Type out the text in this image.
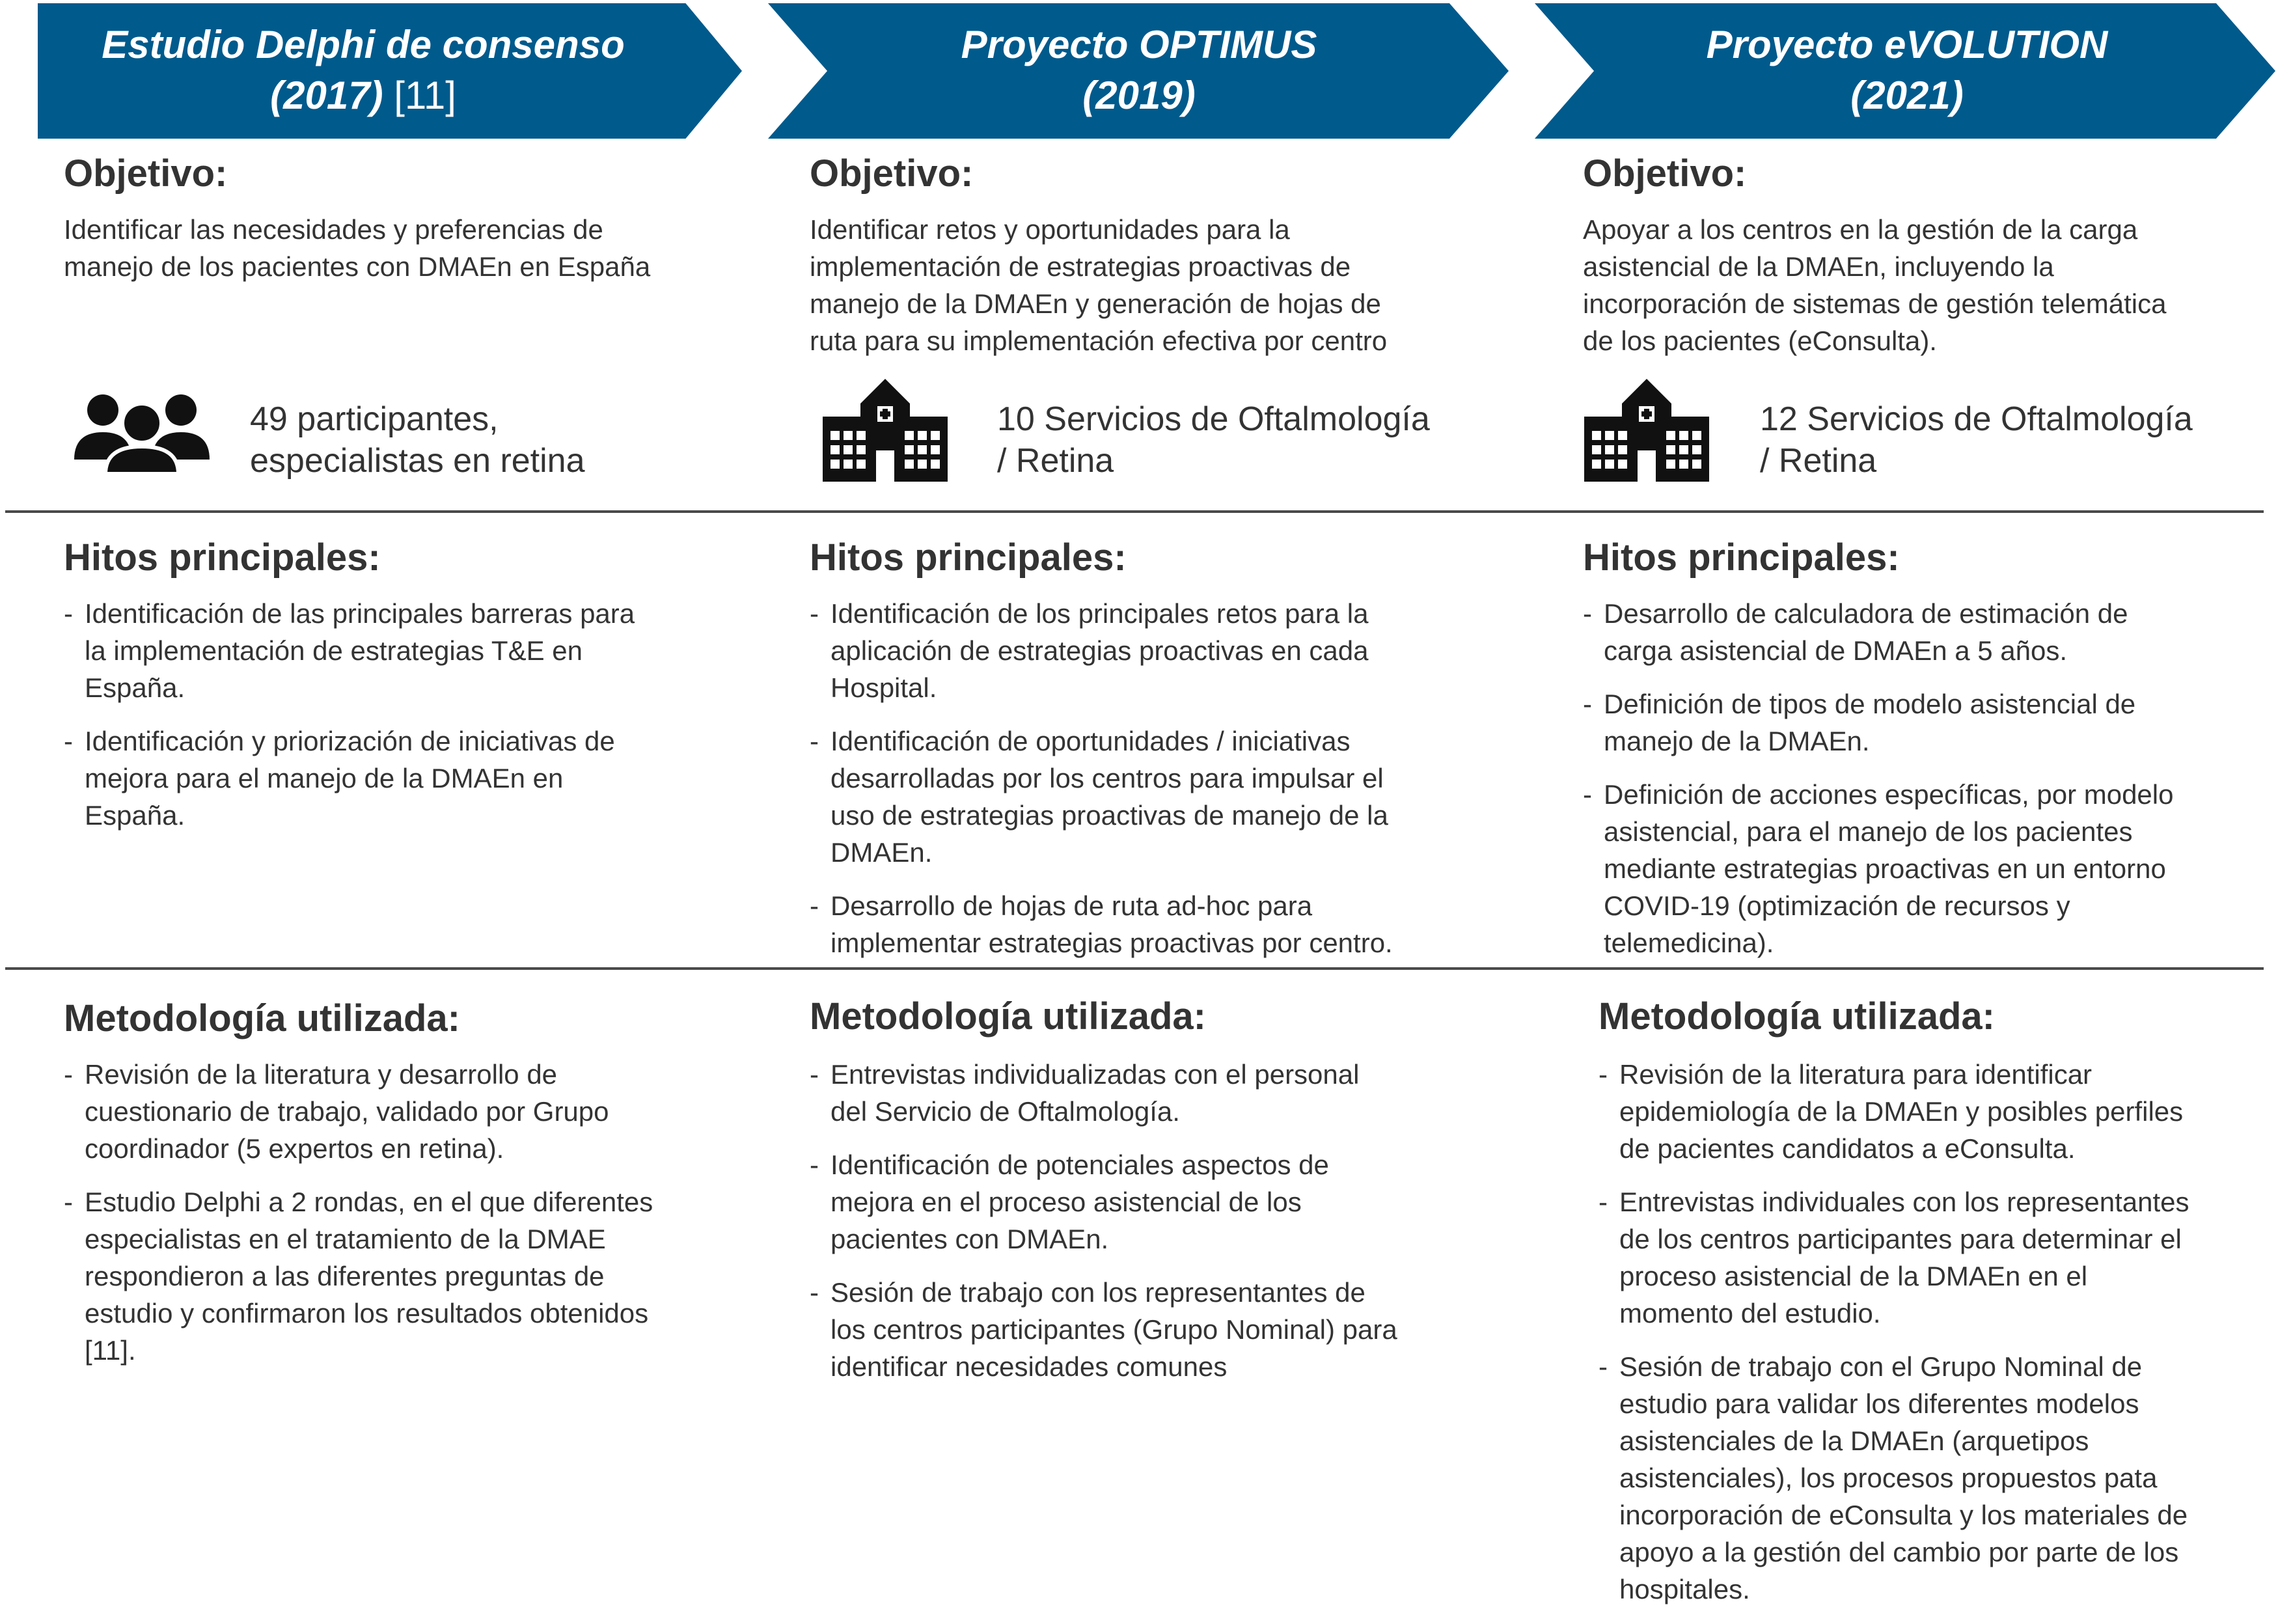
Estudio Delphi de consenso
(2017) [11]
Proyecto OPTIMUS
(2019)
Proyecto eVOLUTION
(2021)
Objetivo:	Objetivo:	Objetivo:
Identificar las necesidades y preferencias de
manejo de los pacientes con DMAEn en España
Identificar retos y oportunidades para la
implementación de estrategias proactivas de
manejo de la DMAEn y generación de hojas de
ruta para su implementación efectiva por centro
Apoyar a los centros en la gestión de la carga
asistencial de la DMAEn, incluyendo la
incorporación de sistemas de gestión telemática
de los pacientes (eConsulta).
49 participantes,
especialistas en retina
10 Servicios de Oftalmología
/ Retina
12 Servicios de Oftalmología
/ Retina
Hitos principales:	Hitos principales:	Hitos principales:
- Identificación de las principales barreras para
la implementación de estrategias T&E en
España.
- Identificación y priorización de iniciativas de
mejora para el manejo de la DMAEn en
España.
- Identificación de los principales retos para la
aplicación de estrategias proactivas en cada
Hospital.
- Identificación de oportunidades / iniciativas
desarrolladas por los centros para impulsar el
uso de estrategias proactivas de manejo de la
DMAEn.
- Desarrollo de hojas de ruta ad-hoc para
implementar estrategias proactivas por centro.
- Desarrollo de calculadora de estimación de
carga asistencial de DMAEn a 5 años.
- Definición de tipos de modelo asistencial de
manejo de la DMAEn.
- Definición de acciones específicas, por modelo
asistencial, para el manejo de los pacientes
mediante estrategias proactivas en un entorno
COVID-19 (optimización de recursos y
telemedicina).
Metodología utilizada:	Metodología utilizada:	Metodología utilizada:
- Revisión de la literatura y desarrollo de
cuestionario de trabajo, validado por Grupo
coordinador (5 expertos en retina).
- Estudio Delphi a 2 rondas, en el que diferentes
especialistas en el tratamiento de la DMAE
respondieron a las diferentes preguntas de
estudio y confirmaron los resultados obtenidos
[11].
- Entrevistas individualizadas con el personal
del Servicio de Oftalmología.
- Identificación de potenciales aspectos de
mejora en el proceso asistencial de los
pacientes con DMAEn.
- Sesión de trabajo con los representantes de
los centros participantes (Grupo Nominal) para
identificar necesidades comunes
- Revisión de la literatura para identificar
epidemiología de la DMAEn y posibles perfiles
de pacientes candidatos a eConsulta.
- Entrevistas individuales con los representantes
de los centros participantes para determinar el
proceso asistencial de la DMAEn en el
momento del estudio.
- Sesión de trabajo con el Grupo Nominal de
estudio para validar los diferentes modelos
asistenciales de la DMAEn (arquetipos
asistenciales), los procesos propuestos pata
incorporación de eConsulta y los materiales de
apoyo a la gestión del cambio por parte de los
hospitales.
